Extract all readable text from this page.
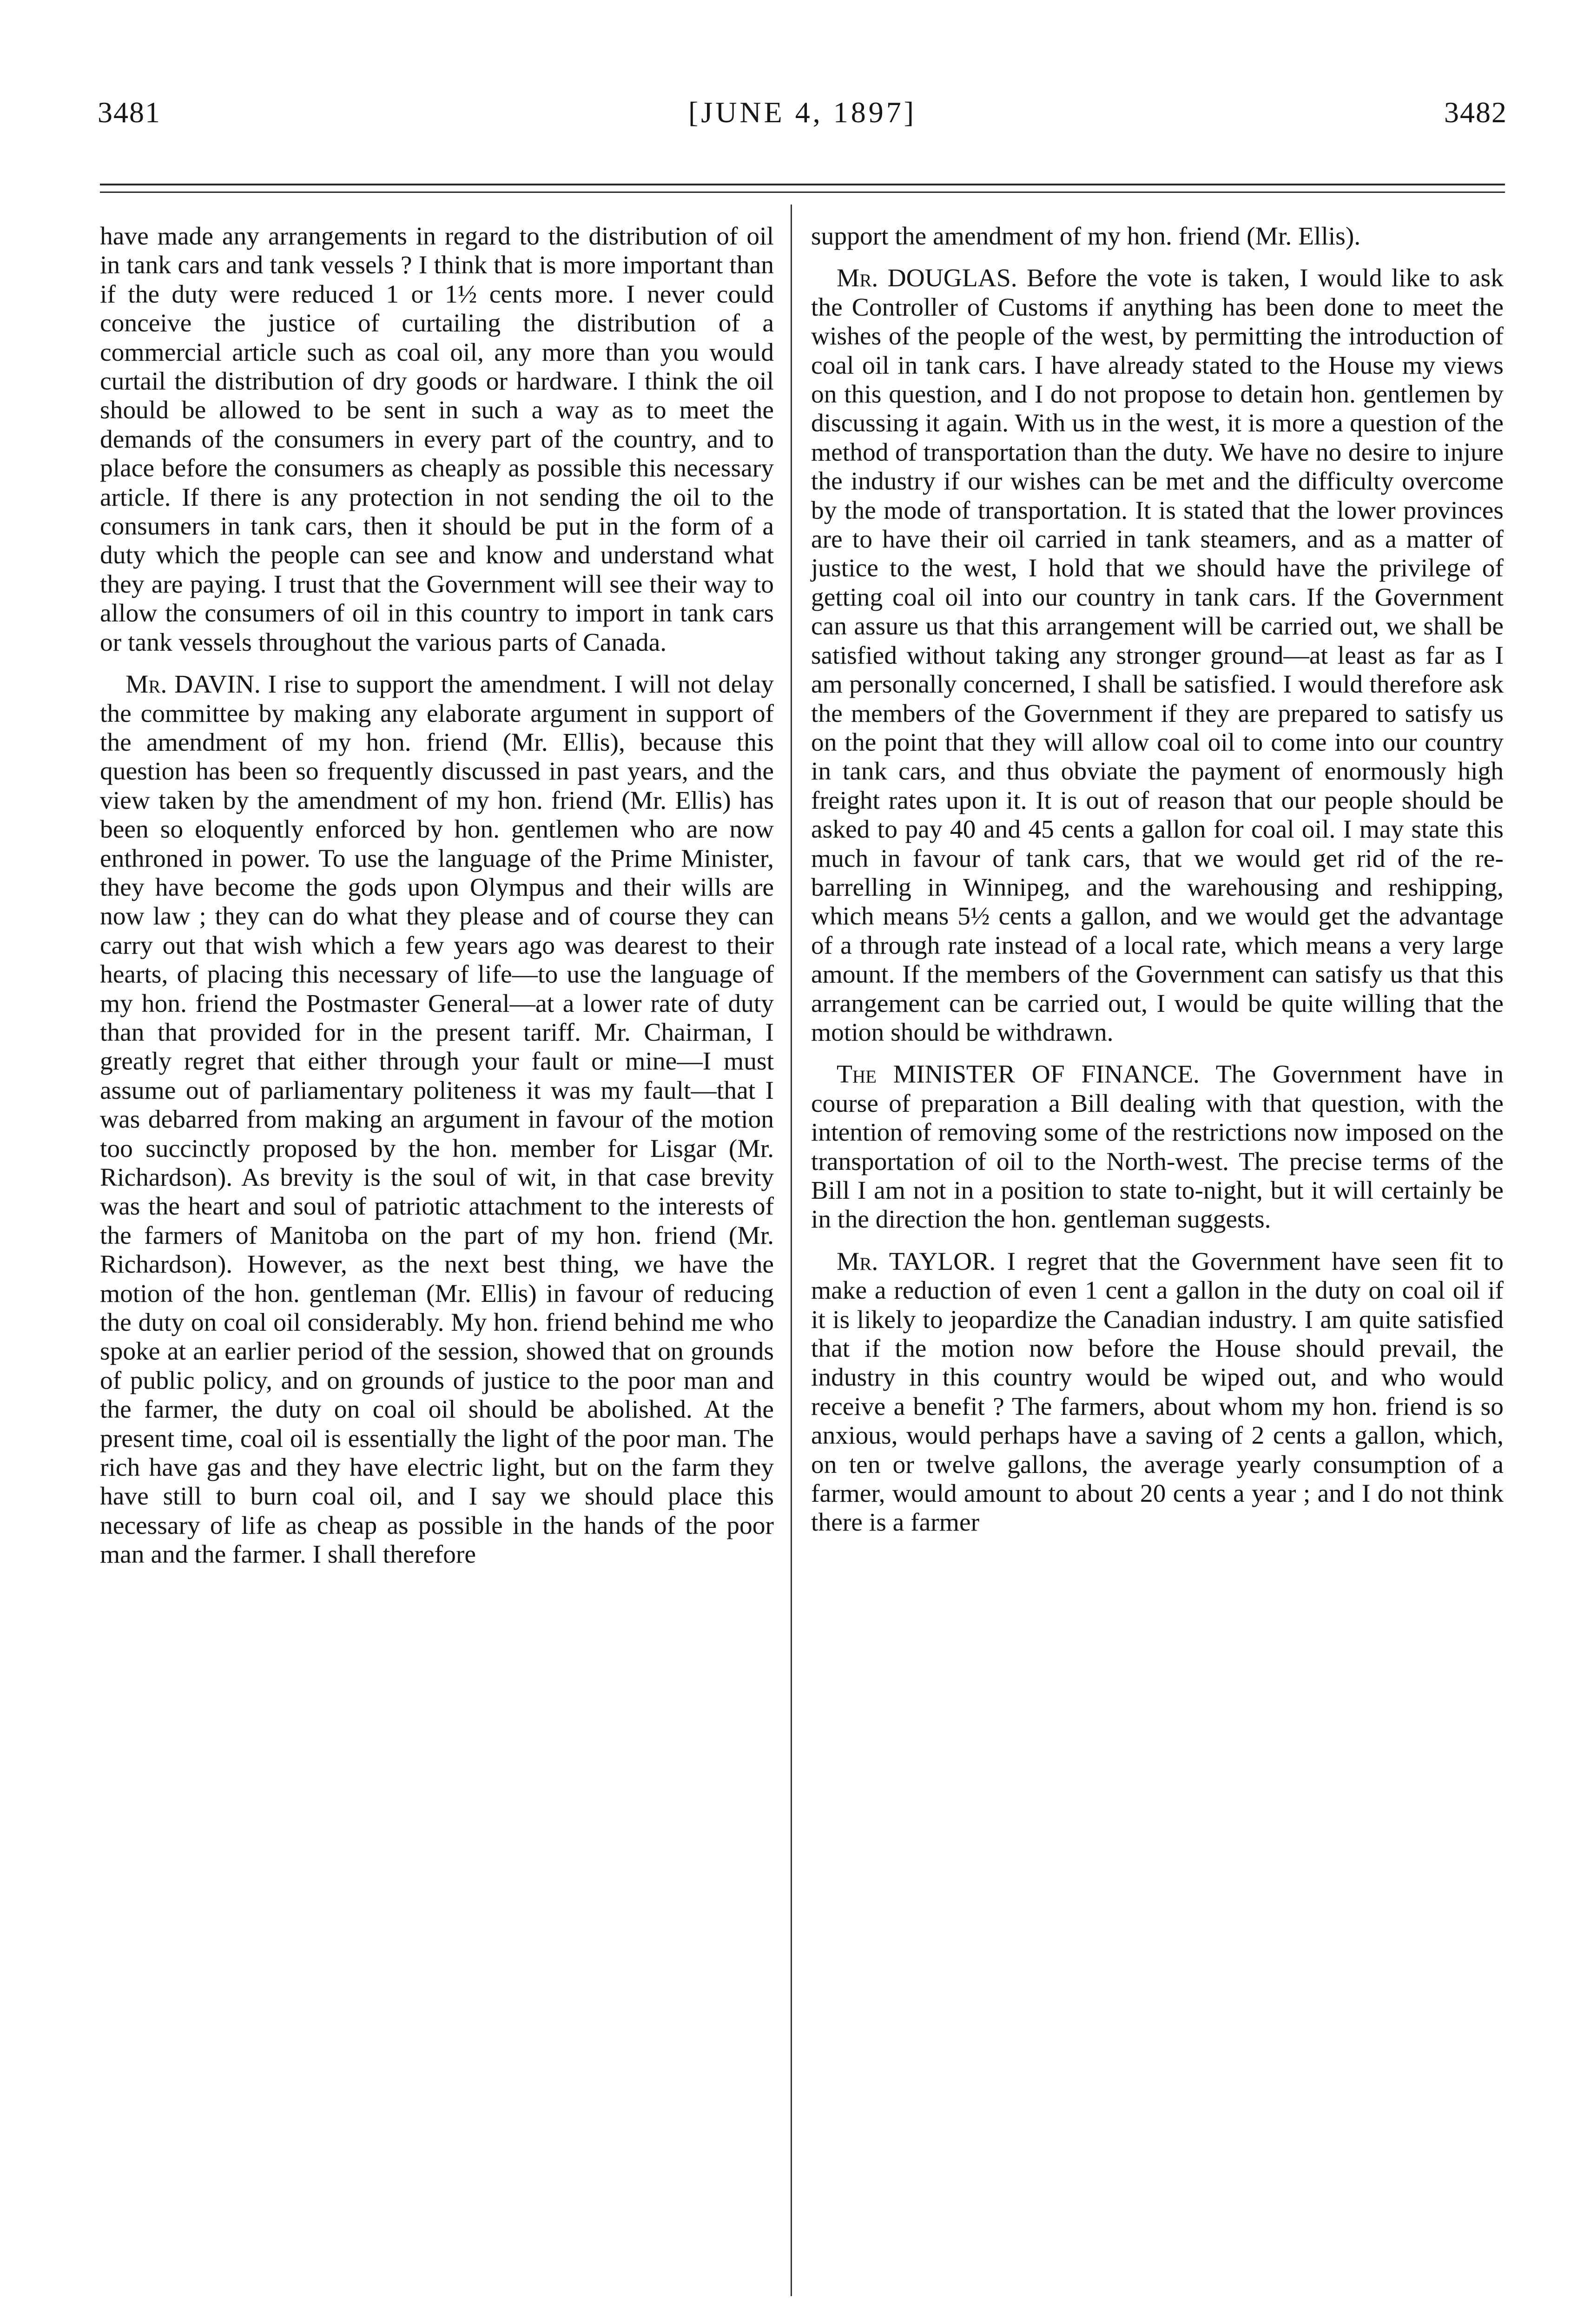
3481	[JUNE 4, 1897]	3482

have made any arrangements in regard to the distribution of oil in tank cars and tank vessels ? I think that is more important than if the duty were reduced 1 or 1½ cents more. I never could conceive the justice of curtailing the distribution of a commercial article such as coal oil, any more than you would curtail the distribution of dry goods or hardware. I think the oil should be allowed to be sent in such a way as to meet the demands of the consumers in every part of the country, and to place before the consumers as cheaply as possible this necessary article. If there is any protection in not sending the oil to the consumers in tank cars, then it should be put in the form of a duty which the people can see and know and understand what they are paying. I trust that the Government will see their way to allow the consumers of oil in this country to import in tank cars or tank vessels throughout the various parts of Canada.

Mr. DAVIN. I rise to support the amendment. I will not delay the committee by making any elaborate argument in support of the amendment of my hon. friend (Mr. Ellis), because this question has been so frequently discussed in past years, and the view taken by the amendment of my hon. friend (Mr. Ellis) has been so eloquently enforced by hon. gentlemen who are now enthroned in power. To use the language of the Prime Minister, they have become the gods upon Olympus and their wills are now law ; they can do what they please and of course they can carry out that wish which a few years ago was dearest to their hearts, of placing this necessary of life—to use the language of my hon. friend the Postmaster General—at a lower rate of duty than that provided for in the present tariff. Mr. Chairman, I greatly regret that either through your fault or mine—I must assume out of parliamentary politeness it was my fault—that I was debarred from making an argument in favour of the motion too succinctly proposed by the hon. member for Lisgar (Mr. Richardson). As brevity is the soul of wit, in that case brevity was the heart and soul of patriotic attachment to the interests of the farmers of Manitoba on the part of my hon. friend (Mr. Richardson). However, as the next best thing, we have the motion of the hon. gentleman (Mr. Ellis) in favour of reducing the duty on coal oil considerably. My hon. friend behind me who spoke at an earlier period of the session, showed that on grounds of public policy, and on grounds of justice to the poor man and the farmer, the duty on coal oil should be abolished. At the present time, coal oil is essentially the light of the poor man. The rich have gas and they have electric light, but on the farm they have still to burn coal oil, and I say we should place this necessary of life as cheap as possible in the hands of the poor man and the farmer. I shall therefore

support the amendment of my hon. friend (Mr. Ellis).

Mr. DOUGLAS. Before the vote is taken, I would like to ask the Controller of Customs if anything has been done to meet the wishes of the people of the west, by permitting the introduction of coal oil in tank cars. I have already stated to the House my views on this question, and I do not propose to detain hon. gentlemen by discussing it again. With us in the west, it is more a question of the method of transportation than the duty. We have no desire to injure the industry if our wishes can be met and the difficulty overcome by the mode of transportation. It is stated that the lower provinces are to have their oil carried in tank steamers, and as a matter of justice to the west, I hold that we should have the privilege of getting coal oil into our country in tank cars. If the Government can assure us that this arrangement will be carried out, we shall be satisfied without taking any stronger ground—at least as far as I am personally concerned, I shall be satisfied. I would therefore ask the members of the Government if they are prepared to satisfy us on the point that they will allow coal oil to come into our country in tank cars, and thus obviate the payment of enormously high freight rates upon it. It is out of reason that our people should be asked to pay 40 and 45 cents a gallon for coal oil. I may state this much in favour of tank cars, that we would get rid of the re-barrelling in Winnipeg, and the warehousing and reshipping, which means 5½ cents a gallon, and we would get the advantage of a through rate instead of a local rate, which means a very large amount. If the members of the Government can satisfy us that this arrangement can be carried out, I would be quite willing that the motion should be withdrawn.

The MINISTER OF FINANCE. The Government have in course of preparation a Bill dealing with that question, with the intention of removing some of the restrictions now imposed on the transportation of oil to the North-west. The precise terms of the Bill I am not in a position to state to-night, but it will certainly be in the direction the hon. gentleman suggests.

Mr. TAYLOR. I regret that the Government have seen fit to make a reduction of even 1 cent a gallon in the duty on coal oil if it is likely to jeopardize the Canadian industry. I am quite satisfied that if the motion now before the House should prevail, the industry in this country would be wiped out, and who would receive a benefit ? The farmers, about whom my hon. friend is so anxious, would perhaps have a saving of 2 cents a gallon, which, on ten or twelve gallons, the average yearly consumption of a farmer, would amount to about 20 cents a year ; and I do not think there is a farmer
